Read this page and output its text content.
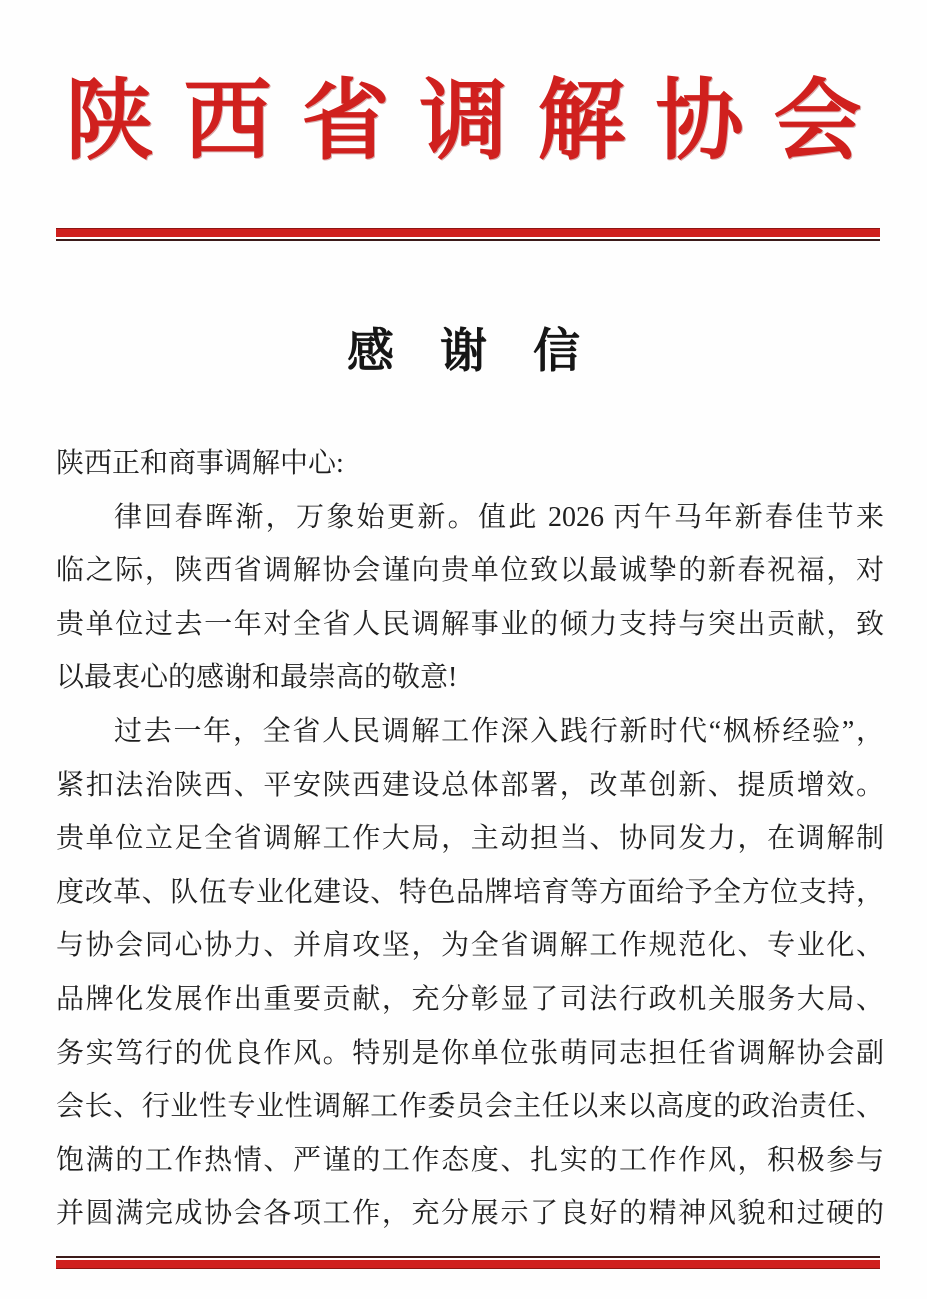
陕西省调解协会
感谢信
陕西正和商事调解中心:
律回春晖渐，万象始更新。值此 2026 丙午马年新春佳节来
临之际，陕西省调解协会谨向贵单位致以最诚挚的新春祝福，对
贵单位过去一年对全省人民调解事业的倾力支持与突出贡献，致
以最衷心的感谢和最崇高的敬意!
过去一年，全省人民调解工作深入践行新时代“枫桥经验”，
紧扣法治陕西、平安陕西建设总体部署，改革创新、提质增效。
贵单位立足全省调解工作大局，主动担当、协同发力，在调解制
度改革、队伍专业化建设、特色品牌培育等方面给予全方位支持，
与协会同心协力、并肩攻坚，为全省调解工作规范化、专业化、
品牌化发展作出重要贡献，充分彰显了司法行政机关服务大局、
务实笃行的优良作风。特别是你单位张萌同志担任省调解协会副
会长、行业性专业性调解工作委员会主任以来以高度的政治责任、
饱满的工作热情、严谨的工作态度、扎实的工作作风，积极参与
并圆满完成协会各项工作，充分展示了良好的精神风貌和过硬的
